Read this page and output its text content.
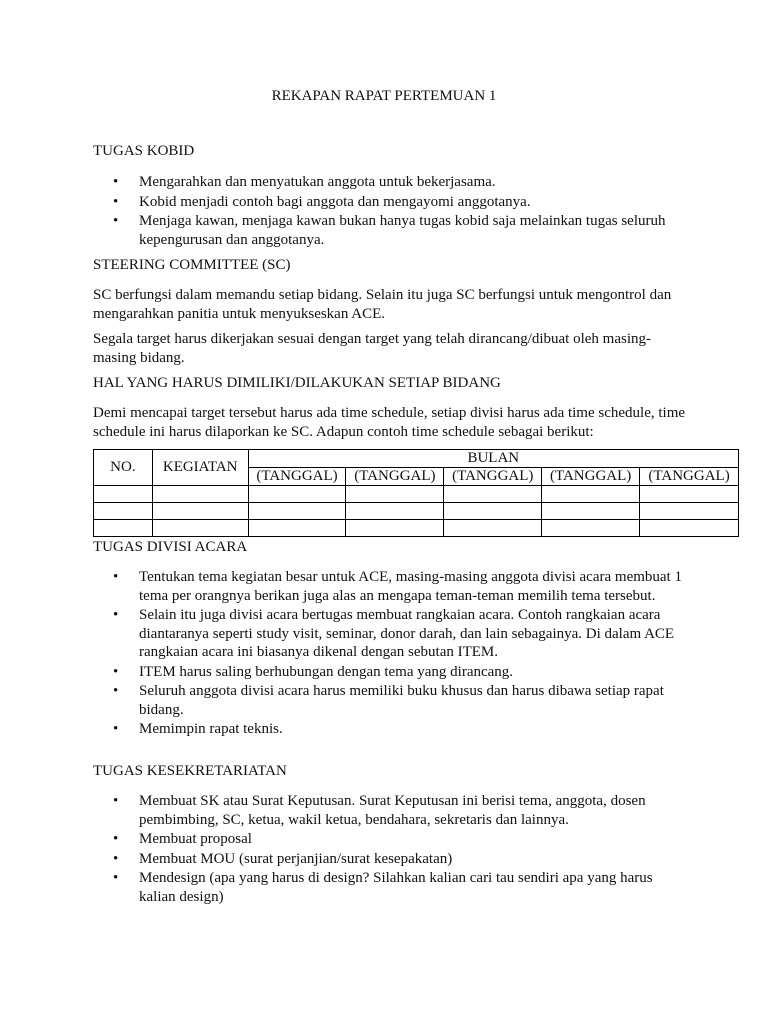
REKAPAN RAPAT PERTEMUAN 1
TUGAS KOBID
• Mengarahkan dan menyatukan anggota untuk bekerjasama.
• Kobid menjadi contoh bagi anggota dan mengayomi anggotanya.
• Menjaga kawan, menjaga kawan bukan hanya tugas kobid saja melainkan tugas seluruh kepengurusan dan anggotanya.
STEERING COMMITTEE (SC)
SC berfungsi dalam memandu setiap bidang. Selain itu juga SC berfungsi untuk mengontrol dan mengarahkan panitia untuk menyukseskan ACE.
Segala target harus dikerjakan sesuai dengan target yang telah dirancang/dibuat oleh masing-masing bidang.
HAL YANG HARUS DIMILIKI/DILAKUKAN SETIAP BIDANG
Demi mencapai target tersebut harus ada time schedule, setiap divisi harus ada time schedule, time schedule ini harus dilaporkan ke SC. Adapun contoh time schedule sebagai berikut:
NO.	KEGIATAN	BULAN				
		(TANGGAL)	(TANGGAL)	(TANGGAL)	(TANGGAL)	(TANGGAL)

TUGAS DIVISI ACARA
• Tentukan tema kegiatan besar untuk ACE, masing-masing anggota divisi acara membuat 1 tema per orangnya berikan juga alas an mengapa teman-teman memilih tema tersebut.
• Selain itu juga divisi acara bertugas membuat rangkaian acara. Contoh rangkaian acara diantaranya seperti study visit, seminar, donor darah, dan lain sebagainya. Di dalam ACE rangkaian acara ini biasanya dikenal dengan sebutan ITEM.
• ITEM harus saling berhubungan dengan tema yang dirancang.
• Seluruh anggota divisi acara harus memiliki buku khusus dan harus dibawa setiap rapat bidang.
• Memimpin rapat teknis.
TUGAS KESEKRETARIATAN
• Membuat SK atau Surat Keputusan. Surat Keputusan ini berisi tema, anggota, dosen pembimbing, SC, ketua, wakil ketua, bendahara, sekretaris dan lainnya.
• Membuat proposal
• Membuat MOU (surat perjanjian/surat kesepakatan)
• Mendesign (apa yang harus di design? Silahkan kalian cari tau sendiri apa yang harus kalian design)
